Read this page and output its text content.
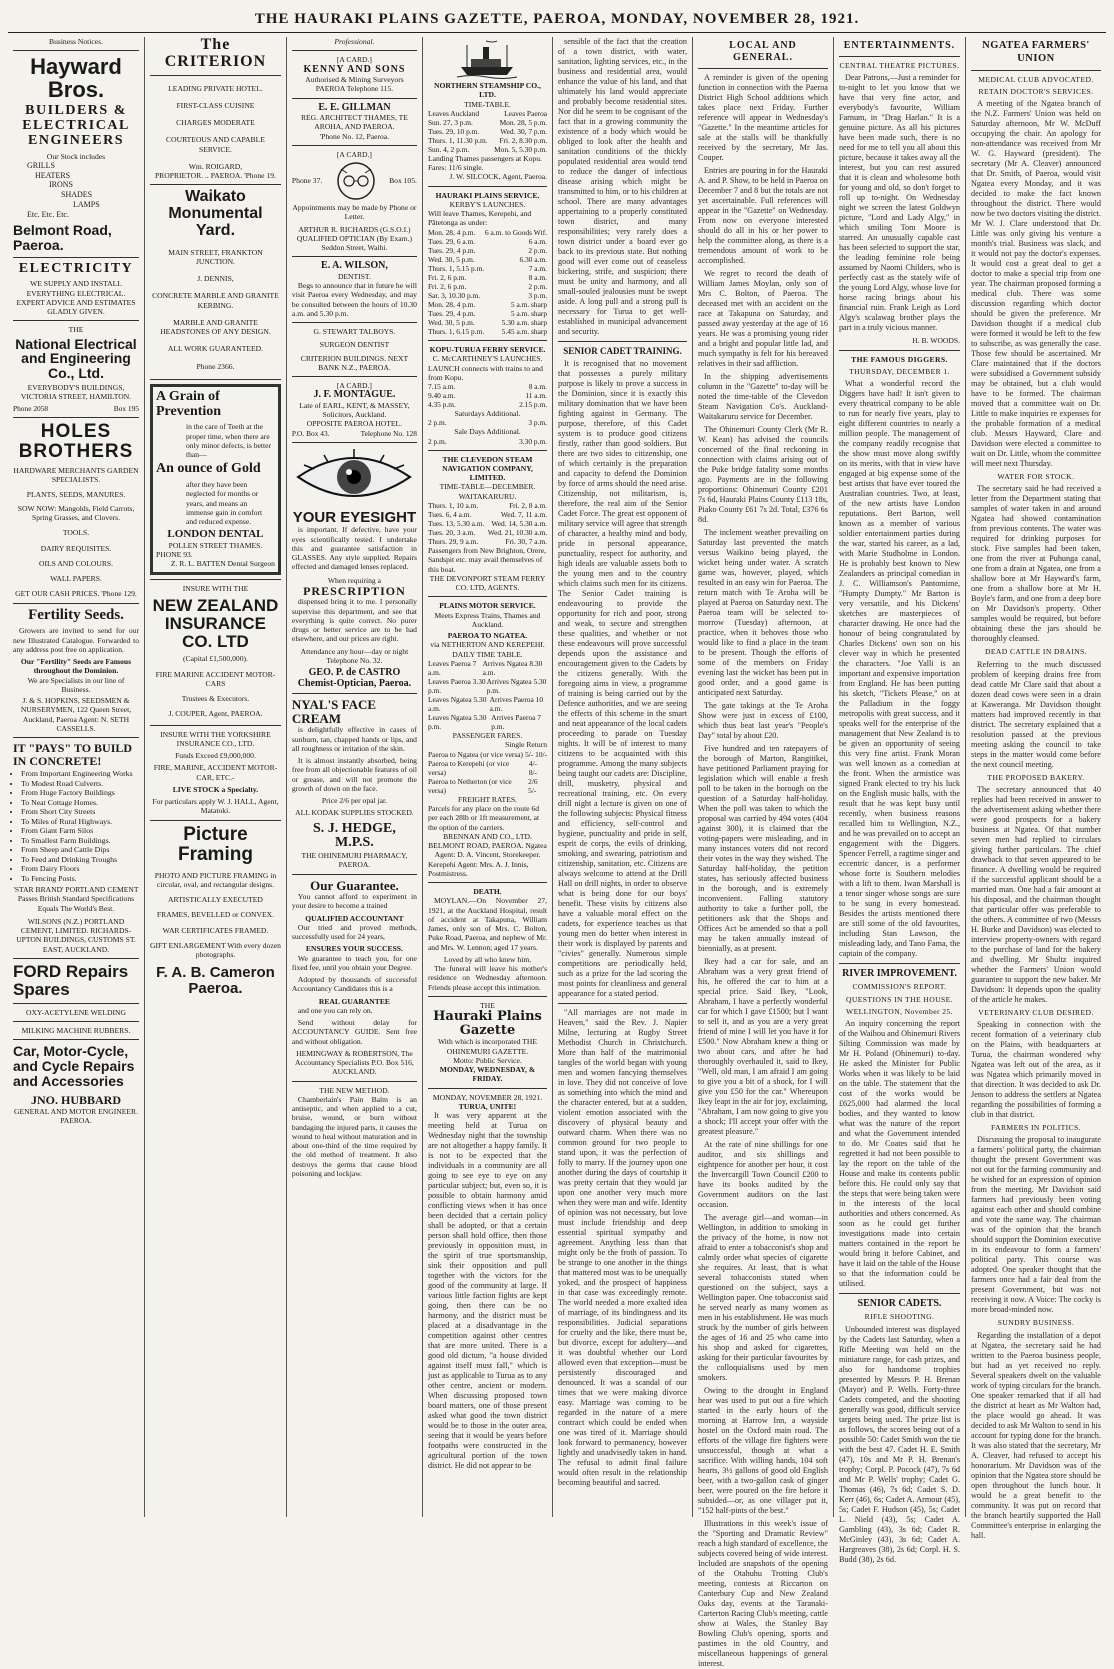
THE HAURAKI PLAINS GAZETTE, PAEROA, MONDAY, NOVEMBER 28, 1921.
Business Notices.
Hayward Bros.
BUILDERS & ELECTRICAL ENGINEERS
Our Stock includes
GRILLS
HEATERS
IRONS
SHADES
LAMPS
Etc. Etc. Etc.
Belmont Road, Paeroa.
ELECTRICITY
WE SUPPLY AND INSTALL EVERYTHING ELECTRICAL. EXPERT ADVICE AND ESTIMATES GLADLY GIVEN.
THE
National Electrical and Engineering Co., Ltd.
EVERYBODY'S BUILDINGS, VICTORIA STREET, HAMILTON.
Phone 2058	Box 195
HOLES BROTHERS
HARDWARE MERCHANTS GARDEN SPECIALISTS.
PLANTS, SEEDS, MANURES.
SOW NOW: Mangolds, Field Carrots, Spring Grasses, and Clovers.
TOOLS.
DAIRY REQUISITES.
OILS AND COLOURS.
WALL PAPERS.
GET OUR CASH PRICES. 'Phone 129.
Fertility Seeds.

Growers are invited to send for our new Illustrated Catalogue. Forwarded to any address post free on application.

Our "Fertility" Seeds are Famous throughout the Dominion.
We are Specialists in our line of Business.
J. & S. HOPKINS, SEEDSMEN & NURSERYMEN, 122 Queen Street, Auckland, Paeroa Agent: N. SETH CASSELLS.
IT "PAYS" TO BUILD IN CONCRETE!
• From Important Engineering Works
• To Modest Road Culverts.
• From Huge Factory Buildings
• To Neat Cottage Homes.
• From Short City Streets
• To Miles of Rural Highways.
• From Giant Farm Silos
• To Smallest Farm Buildings.
• From Sheep and Cattle Dips
• To Feed and Drinking Troughs
• From Dairy Floors
• To Fencing Posts.
'STAR BRAND' PORTLAND CEMENT Passes British Standard Specifications Equals The World's Best.
WILSONS (N.Z.) PORTLAND CEMENT, LIMITED. RICHARDS-UPTON BUILDINGS, CUSTOMS ST. EAST, AUCKLAND.
FORD Repairs Spares
OXY-ACETYLENE WELDING
MILKING MACHINE RUBBERS.
Car, Motor-Cycle, and Cycle Repairs and Accessories
JNO. HUBBARD
GENERAL AND MOTOR ENGINEER. PAEROA.
The CRITERION
LEADING PRIVATE HOTEL.
FIRST-CLASS CUISINE
CHARGES MODERATE
COURTEOUS AND CAPABLE SERVICE.
Wm. ROIGARD,
PROPRIETOR. .. PAEROA. 'Phone 19.
Waikato Monumental Yard.
MAIN STREET, FRANKTON JUNCTION.
J. DENNIS,
CONCRETE MARBLE AND GRANITE KERBING.
MARBLE AND GRANITE HEADSTONES OF ANY DESIGN.
ALL WORK GUARANTEED.
Phone 2366.
A Grain of Prevention
in the care of Teeth at the proper time, when there are only minor defects, is better than—
An ounce of Gold
after they have been neglected for months or years, and means an immense gain in comfort and reduced expense.
LONDON DENTAL
POLLEN STREET THAMES.
PHONE 93.
Z. R. L. BATTEN Dental Surgeon
INSURE WITH THE
NEW ZEALAND INSURANCE CO. LTD
(Capital £1,500,000).
FIRE MARINE ACCIDENT MOTOR-CARS
Trustees & Executors.
J. COUPER, Agent, PAEROA.
INSURE WITH THE YORKSHIRE INSURANCE CO., LTD.
Funds Exceed £9,000,000.
FIRE, MARINE, ACCIDENT MOTOR-CAR, ETC.-
LIVE STOCK a Specialty.
For particulars apply W. J. HALL, Agent, Matatoki.
Picture Framing
PHOTO AND PICTURE FRAMING in circular, oval, and rectangular designs.
ARTISTICALLY EXECUTED
FRAMES, BEVELLED or CONVEX.
WAR CERTIFICATES FRAMED.
GIFT ENLARGEMENT With every dozen photographs.
F. A. B. Cameron Paeroa.
Professional.
[A CARD.]
KENNY AND SONS
Authorised & Mining Surveyors PAEROA Telephone 115.
E. E. GILLMAN
REG. ARCHITECT THAMES, TE AROHA, AND PAEROA.
'Phone No. 12, Paeroa.
[A CARD.]
Phone 37.	Box 105.
Appointments may be made by Phone or Letter.
ARTHUR R. RICHARDS (G.S.O.I.) QUALIFIED OPTICIAN (By Exam.) Seddon Street, Waihi.
E. A. WILSON,
DENTIST.

Begs to announce that in future he will visit Paeroa every Wednesday, and may be consulted between the hours of 10.30 a.m. and 5.30 p.m.

G. STEWART TALBOYS.
SURGEON DENTIST
CRITERION BUILDINGS. NEXT BANK N.Z., PAEROA.
[A CARD.]
J. F. MONTAGUE.
Late of EARL, KENT, & MASSEY, Solicitors, Auckland.
OPPOSITE PAEROA HOTEL.
P.O. Box 43.	Telephone No. 128
YOUR EYESIGHT

is important. If defective, have your eyes scientifically tested. I undertake this and guarantee satisfaction in GLASSES. Any style supplied. Repairs effected and damaged lenses replaced.

When requiring a
PRESCRIPTION

dispensed bring it to me. I personally supervise this department, and see that everything is quite correct. No purer drugs or better service are to be had elsewhere, and our prices are right.

Attendance any hour—day or night Telephone No. 32.
GEO. P. de CASTRO Chemist-Optician, Paeroa.
NYAL'S FACE CREAM

is delightfully effective in cases of sunburn, tan, chapped hands or lips, and all roughness or irritation of the skin.

It is almost instantly absorbed, being free from all objectionable features of oil or grease, and will not promote the growth of down on the face.

Price 2/6 per opal jar.
ALL KODAK SUPPLIES STOCKED.
S. J. HEDGE, M.P.S.
THE OHINEMURI PHARMACY, PAEROA.
Our Guarantee.

You cannot afford to experiment in your desire to become a trained

QUALIFIED ACCOUNTANT

Our tried and proved methods, successfully used for 24 years,

ENSURES YOUR SUCCESS.

We guarantee to teach you, for one fixed fee, until you obtain your Degree.

Adopted by thousands of successful Accountancy Candidates this is a

REAL GUARANTEE

and one you can rely on.

Send without delay for ACCOUNTANCY GUIDE. Sent free and without obligation.

HEMINGWAY & ROBERTSON, The Accountancy Specialists P.O. Box 516, AUCKLAND.
THE NEW METHOD.

Chamberlain's Pain Balm is an antiseptic, and when applied to a cut, bruise, wound, or burn without bandaging the injured parts, it causes the wound to heal without maturation and in about one-third of the time required by the old method of treatment. It also destroys the germs that cause blood poisoning and lockjaw.

NORTHERN STEAMSHIP CO., LTD.
TIME-TABLE.
Leaves Auckland	Leaves Paeroa
Sun. 27, 3 p.m.	Mon. 28, 5 p.m.
Tues. 29, 10 p.m.	Wed. 30, 7 p.m.
Thurs. 1, 11.30 p.m. Fri. 2, 8.30 p.m.
Sun. 4, 2 p.m.	Mon. 5, 5.30 p.m.
Landing Thames passengers at Kopu. Fares: 11/6 single.
J. W. SILCOCK, Agent, Paeroa.
HAURAKI PLAINS SERVICE.
KERBY'S LAUNCHES.
Will leave Thames, Kerepehi, and Pātetonga as under:
Mon. 28, 4 p.m. 6 a.m. to Goods Wtf.
Tues. 29, 6 a.m.	6 a.m.
Tues. 29, 4 p.m.	2 p.m.
Wed. 30, 5 p.m.	6.30 a.m.
Thurs. 1, 5.15 p.m.	7 a.m.
Fri. 2, 6 p.m.	8 a.m.
Fri. 2, 6 p.m.	2 p.m.
Sat. 3, 10.30 p.m.	3 p.m.
Mon. 28, 4 p.m.	5 a.m. sharp
Tues. 29, 4 p.m.	5 a.m. sharp
Wed. 30, 5 p.m.	5.30 a.m. sharp
Thurs. 1, 6.15 p.m. 5.45 a.m. sharp
KOPU-TURUA FERRY SERVICE.
C. McCARTHNEY'S LAUNCHES.
LAUNCH connects with trains to and from Kopu.
7.15 a.m.	8 a.m.
9.40 a.m.	11 a.m.
4.35 p.m.	2.15 p.m.
Saturdays Additional.
2 p.m.	3 p.m.
Sale Days Additional.
2 p.m.	3.30 p.m.
THE CLEVEDON STEAM NAVIGATION COMPANY, LIMITED.
TIME-TABLE—DECEMBER.
WAITAKARURU.
Thurs. 1, 10 a.m.	Fri. 2, 8 a.m.
Tues. 6, 4 a.m.	Wed. 7, 11 a.m.
Tues. 13, 5.30 a.m. Wed. 14, 5.30 a.m.
Tues. 20, 3 a.m. Wed. 21, 10.30 a.m.
Thurs. 29, 9 a.m.	Fri. 30, 7 a.m.
Passengers from New Brighton, Orere, Sandspit etc. may avail themselves of this boat.
THE DEVONPORT STEAM FERRY CO. LTD, AGENTS.
PLAINS MOTOR SERVICE.
Meets Express Trains, Thames and Auckland.
PAEROA TO NGATEA.
via NETHERTON AND KEREPEHI.
DAILY TIME TABLE.
Leaves Paeroa 7 a.m.
Arrives Ngatea 8.30 a.m.
Leaves Paeroa 3.30 p.m.
Arrives Ngatea 5.30 p.m.
Leaves Ngatea 5.30 a.m.
Arrives Paeroa 10 a.m.
Leaves Ngatea 5.30 p.m.
Arrives Paeroa 7 p.m.
PASSENGER FARES.
Single Return
Paeroa to Ngatea (or vice versa) 5/- 10/-
Paeroa to Kerepehi (or vice versa)
4/- 8/-
Paeroa to Netherton (or vice versa)
2/6 5/-
FREIGHT RATES.
Parcels for any place on the route 6d per each 28lb or 1ft measurement, at the option of the carriers.
BRENNAN AND CO., LTD. BELMONT ROAD, PAEROA. Ngatea Agent: D. A. Vincent, Storekeeper.
Kerepehi Agent: Mrs. A. J. Innis, Postmistress.
DEATH.

MOYLAN.—On November 27, 1921, at the Auckland Hospital, result of accident at Takapuna, William James, only son of Mrs. C. Bolton, Puke Road, Paeroa, and nephew of Mr. and Mrs. W. Lennon; aged 17 years.

Loved by all who knew him.

The funeral will leave his mother's residence on Wednesday afternoon. Friends please accept this intimation.

THE
Hauraki Plains Gazette
With which is incorporated THE OHINEMURI GAZETTE.
Motto: Public Service.
MONDAY, WEDNESDAY, & FRIDAY.
MONDAY, NOVEMBER 28, 1921.
TURUA, UNITE!

It was very apparent at the meeting held at Turua on Wednesday night that the township are not altogether a happy family. It is not to be expected that the individuals in a community are all going to see eye to eye on any particular subject; but, even so, it is possible to obtain harmony amid conflicting views when it has once been decided that a certain policy shall be adopted, or that a certain person shall hold office, then those previously in opposition must, in the spirit of true sportsmanship, sink their opposition and pull together with the victors for the good of the community at large. If various little faction fights are kept going, then there can be no harmony, and the district must be placed at a disadvantage in the competition against other centres that are more united. There is a good old dictum, "a house divided against itself must fall," which is just as applicable to Turua as to any other centre, ancient or modern. When discussing proposed town board matters, one of those present asked what good the town district would be to those in the outer area, seeing that it would be years before footpaths were constructed in the agricultural portion of the town district. He did not appear to be

sensible of the fact that the creation of a town district, with water, sanitation, lighting services, etc., in the business and residential area, would enhance the value of his land, and that ultimately his land would appreciate and probably become residential sites. Nor did he seem to be cognisant of the fact that in a growing community the existence of a body which would be obliged to look after the health and sanitation conditions of the thickly populated residential area would tend to reduce the danger of infectious disease arising which might be transmitted to him, or to his children at school. There are many advantages appertaining to a properly constituted town district, and many responsibilities; very rarely does a town district under a board ever go back to its previous state. But nothing good will ever come out of ceaseless bickering, strife, and suspicion; there must be unity and harmony, and all small-souled jealousies must be swept aside. A long pull and a strong pull is necessary for Turua to get well-established in municipal advancement and security.

SENIOR CADET TRAINING.

It is recognised that no movement that possesses a purely military purpose is likely to prove a success in the Dominion, since it is exactly this military domination that we have been fighting against in Germany. The purpose, therefore, of this Cadet system is to produce good citizens firstly, rather than good soldiers. But there are two sides to citizenship, one of which certainly is the preparation and capacity to defend the Dominion by force of arms should the need arise. Citizenship, not militarism, is, therefore, the real aim of the Senior Cadet Force. The great est opponent of military service will agree that strength of character, a healthy mind and body, pride in personal appearance, punctuality, respect for authority, and high ideals are valuable assets both to the young men and to the country which claims such men for its citizens. The Senior Cadet training is endeavouring to provide the opportunity for rich and poor, strong and weak, to secure and strengthen these qualities, and whether or not these endeavours will prove successful depends upon the assistance and encouragement given to the Cadets by the citizens generally. With the foregoing aims in view, a programme of training is being carried out by the Defence authorities, and we are seeing the effects of this scheme in the smart and neat appearance of the local cadets proceeding to parade on Tuesday nights. It will be of interest to many citizens to be acquainted with this programme. Among the many subjects being taught our cadets are: Discipline, drill, musketry, physical and recreational training, etc. On every drill night a lecture is given on one of the following subjects: Physical fitness and efficiency, self-control and hygiene, punctuality and pride in self, esprit de corps, the evils of drinking, smoking, and swearing, patriotism and citizenship, sanitation, etc. Citizens are always welcome to attend at the Drill Hall on drill nights, in order to observe what is being done for our boys' benefit. These visits by citizens also have a valuable moral effect on the cadets, for experience teaches us that young men do better when interest in their work is displayed by parents and "civies" generally. Numerous simple competitions are periodically held, such as a prize for the lad scoring the most points for cleanliness and general appearance for a stated period.

"All marriages are not made in Heaven," said the Rev. J. Napier Milne, lecturing at Rugby Street Methodist Church in Christchurch. More than half of the matrimonial tangles of the world began with young men and women fancying themselves in love. They did not conceive of love as something into which the mind and the character entered, but at a sudden, violent emotion associated with the discovery of physical beauty and outward charm. When there was no common ground for two people to stand upon, it was the perfection of folly to marry. If the journey upon one another during the days of courtship it was pretty certain that they would jar upon one another very much more when they were man and wife. Identity of opinion was not necessary, but love must include friendship and deep essential spiritual sympathy and agreement. Anything less than that might only be the froth of passion. To be strange to one another in the things that mattered most was to be unequally yoked, and the prospect of happiness in that case was exceedingly remote. The world needed a more exalted idea of marriage, of its bindingness and its responsibilities. Judicial separations for cruelty and the like, there must be, but divorce, except for adultery—and it was doubtful whether our Lord allowed even that exception—must be persistently discouraged and denounced. It was a scandal of our times that we were making divorce easy. Marriage was coming to be regarded in the nature of a mere contract which could be ended when one was tired of it. Marriage should look forward to permanency, however lightly and unadvisedly taken in hand. The refusal to admit final failure would often result in the relationship becoming beautiful and sacred.

LOCAL AND GENERAL.

A reminder is given of the opening function in connection with the Paeroa District High School additions which takes place next Friday. Further reference will appear in Wednesday's "Gazette." In the meantime articles for sale at the stalls will be thankfully received by the secretary, Mr Jas. Couper.

Entries are pouring in for the Hauraki A. and P. Show, to be held in Paeroa on December 7 and 8 but the totals are not yet ascertainable. Full references will appear in the "Gazette" on Wednesday. From now on everyone interested should do all in his or her power to help the committee along, as there is a tremendous amount of work to be accomplished.

We regret to record the death of William James Moylan, only son of Mrs C. Bolton, of Paeroa. The deceased met with an accident on the race at Takapuna on Saturday, and passed away yesterday at the age of 16 years. He was a promising young rider and a bright and popular little lad, and much sympathy is felt for his bereaved relatives in their sad affliction.

In the shipping advertisements column in the "Gazette" to-day will be noted the time-table of the Clevedon Steam Navigation Co's. Auckland-Waitakaruru service for December.

The Ohinemuri County Clerk (Mr R. W. Kean) has advised the councils concerned of the final reckoning in connection with claims arising out of the Puke bridge fatality some months ago. Payments are in the following proportions: Ohinemuri County £201 7s 6d, Hauraki Plains County £113 18s, Piako County £61 7s 2d. Total, £376 6s 8d.

The inclement weather prevailing on Saturday last prevented the match versus Waikino being played, the wicket being under water. A scratch game was, however, played, which resulted in an easy win for Paeroa. The return match with Te Aroha will be played at Paeroa on Saturday next. The Paeroa team will be selected to-morrow (Tuesday) afternoon, at practice, when it behoves those who would like to find a place in the team to be present. Though the efforts of some of the members on Friday evening last the wicket has been put in good order, and a good game is anticipated next Saturday.

The gate takings at the Te Aroha Show were just in excess of £100, which thus beat last year's "People's Day" total by about £20.

Five hundred and ten ratepayers of the borough of Marton, Rangitikei, have petitioned Parliament praying for legislation which will enable a fresh poll to be taken in the borough on the question of a Saturday half-holiday. When the poll was taken to which the proposal was carried by 494 votes (404 against 300), it is claimed that the voting-papers were misleading, and in many instances voters did not record their votes in the way they wished. The Saturday half-holiday, the petition states, has seriously affected business in the borough, and is extremely inconvenient. Falling statutory authority to take a further poll, the petitioners ask that the Shops and Offices Act be amended so that a poll may be taken annually instead of biennially, as at present.

Ikey had a car for sale, and an Abraham was a very great friend of his, he offered the car to him at a special price. Said Ikey, "Look, Abraham, I have a perfectly wonderful car for which I gave £1500; but I want to sell it, and as you are a very great friend of mine I will let you have it for £500." Now Abraham knew a thing or two about cars, and after he had thoroughly overhauled it, said to Ikey, "Well, old man, I am afraid I am going to give you a bit of a shock, for I will give you £50 for the car." Whereupon Ikey leapt in the air for joy, exclaiming, "Abraham, I am now going to give you a shock; I'll accept your offer with the greatest pleasure."

At the rate of nine shillings for one auditor, and six shillings and eightpence for another per hour, it cost the Invercargill Town Council £200 to have its books audited by the Government auditors on the last occasion.

The average girl—and woman—in Wellington, in addition to smoking in the privacy of the home, is now not afraid to enter a tobacconist's shop and calmly order what species of cigarette she requires. At least, that is what several tobacconists stated when questioned on the subject, says a Wellington paper. One tobacconist said he served nearly as many women as men in his establishment. He was much struck by the number of girls between the ages of 16 and 25 who came into his shop and asked for cigarettes, asking for their particular favourites by the colloquialisms used by men smokers.

Owing to the drought in England hear was used to put out a fire which started in the early hours of the morning at Harrow Inn, a wayside hostel on the Oxford main road. The efforts of the village fire fighters were unsuccessful, though at what a sacrifice. With willing hands, 104 soft hearts, 3½ gallons of good old English beer, with a two-gallon cask of ginger beer, were poured on the fire before it subsided—or, as one villager put it, "152 half-pints of the best."

Illustrations in this week's issue of the "Sporting and Dramatic Review" reach a high standard of excellence, the subjects covered being of wide interest. Included are snapshots of the opening of the Otahuhu Trotting Club's meeting, contests at Riccarton on Canterbury Cup and New Zealand Oaks day, events at the Taranaki-Carterton Racing Club's meeting, cattle show at Wales, the Stanley Bay Bowling Club's opening, sports and pastimes in the old Country, and miscellaneous happenings of general interest.

ENTERTAINMENTS.
CENTRAL THEATRE PICTURES.

Dear Patrons,—Just a reminder for to-night to let you know that we have that very fine actor, and everybody's favourite, William Farnum, in "Drag Harlan." It is a genuine picture. As all his pictures have been made such, there is no need for me to tell you all about this picture, because it takes away all the interest, but you can rest assured that it is clean and wholesome both for young and old, so don't forget to roll up to-night. On Wednesday night we screen the latest Goldwyn picture, "Lord and Lady Algy," in which smiling Tom Moore is starred. An unusually capable cast has been selected to support the star, the leading feminine role being assumed by Naomi Childers, who is perfectly cast as the stately wife of the young Lord Algy, whose love for horse racing brings about his financial ruin. Frank Leigh as Lord Algy's scalawag brother plays the part in a truly vicious manner.

H. B. WOODS.
THE FAMOUS DIGGERS.
THURSDAY, DECEMBER 1.

What a wonderful record the Diggers have had! It isn't given to every theatrical company to be able to run for nearly five years, play to eight different countries to nearly a million people. The management of the company readily recognise that the show must move along swiftly on its merits, with that in view have engaged at big expense some of the best artists that have ever toured the Australian countries. Two, at least, of the new artists have London reputations. Bert Barton, well known as a member of various soldier entertainment parties during the war, started his career, as a lad, with Marie Studholme in London. He is probably best known to New Zealanders as principal comedian in J. C. Williamson's Pantomime, "Humpty Dumpty." Mr Barton is very versatile, and his Dickens' sketches are masterpieces of character drawing. He once had the honour of being congratulated by Charles Dickens' own son on his clever way in which he presented the characters. "Joe Yalli is an important and expensive importation from England. He has been putting his sketch, "Tickets Please," on at the Palladium in the foggy metropolis with great success, and it speaks well for the enterprise of the management that New Zealand is to be given an opportunity of seeing this very fine artist. Frank Moran was well known as a comedian at the front. When the armistice was signed Frank elected to try his luck on the English music halls, with the result that he was kept busy until recently, when business reasons recalled him to Wellington, N.Z., and he was prevailed on to accept an engagement with the Diggers. Spencer Ferrell, a ragtime singer and eccentric dancer, is a performer whose forte is Southern melodies with a lift to them. Iwan Marshall is a tenor singer whose songs are sure to be sung in every homestead. Besides the artists mentioned there are still some of the old favourites, including Stan Lawson, the misleading lady, and Tano Fama, the captain of the company.

RIVER IMPROVEMENT.
COMMISSION'S REPORT.
QUESTIONS IN THE HOUSE.
WELLINGTON, November 25.

An inquiry concerning the report of the Waihou and Ohinemuri Rivers Silting Commission was made by Mr H. Poland (Ohinemuri) to-day. He asked the Minister for Public Works when it was likely to be laid on the table. The statement that the cost of the works would be £625,000 had alarmed the local bodies, and they wanted to know what was the nature of the report and what the Government intended to do. Mr Coates said that he regretted it had not been possible to lay the report on the table of the House and make its contents public before this. He could only say that the steps that were being taken were in the interests of the local authorities and others concerned. As soon as he could get further investigations made into certain matters contained in the report he would bring it before Cabinet, and have it laid on the table of the House so that the information could be utilised.

SENIOR CADETS.
RIFLE SHOOTING.

Unbounded interest was displayed by the Cadets last Saturday, when a Rifle Meeting was held on the miniature range, for cash prizes, and also for handsome trophies presented by Messrs P. H. Brenan (Mayor) and P. Wells. Forty-three Cadets competed, and the shooting generally was good, difficult service targets being used. The prize list is as follows, the scores being out of a possible 50: Cadet Smith won the tie with the best 47. Cadet H. E. Smith (47), 10s and Mr P. H. Brenan's trophy; Corpl. P. Pocock (47), 7s 6d and Mr P. Wells' trophy; Cadet G. Thomas (46), 7s 6d; Cadet S. D. Kerr (46), 6s; Cadet A. Armour (45), 5s; Cadet F. Hudson (45), 5s; Cadet L. Nield (43), 5s; Cadet A. Gambling (43), 3s 6d; Cadet R. McGinley (43), 3s 6d; Cadet A. Hargreaves (38), 2s 6d; Corpl. H. S. Budd (38), 2s 6d.

NGATEA FARMERS' UNION
MEDICAL CLUB ADVOCATED.
RETAIN DOCTOR'S SERVICES.

A meeting of the Ngatea branch of the N.Z. Farmers' Union was held on Saturday afternoon, Mr W. McDuff occupying the chair. An apology for non-attendance was received from Mr W. G. Hayward (president). The secretary (Mr A. Cleaver) announced that Dr. Smith, of Paeroa, would visit Ngatea every Monday, and it was decided to make the fact known throughout the district. There would now be two doctors visiting the district. Mr W. J. Clare understood that Dr. Little was only giving his venture a month's trial. Business was slack, and it would not pay the doctor's expenses. It would cost a great deal to get a doctor to make a special trip from one year. The chairman proposed forming a medical club. There was some discussion regarding which doctor should be given the preference. Mr Davidson thought if a medical club were formed it would be left to the few to subscribe, as was generally the case. Those few should be ascertained. Mr Clare maintained that if the doctors were subsidised a Government subsidy may be obtained, but a club would have to be formed. The chairman moved that a committee wait on Dr. Little to make inquiries re expenses for the probable formation of a medical club. Messrs Hayward, Clare and Davidson were elected a committee to wait on Dr. Little, whom the committee will meet next Thursday.

WATER FOR STOCK.

The secretary said he had received a letter from the Department stating that samples of water taken in and around Ngatea had showed contamination from previous contents. The water was required for drinking purposes for stock. Five samples had been taken, one from the river at Puhunga canal, one from a drain at Ngatea, one from a shallow bore at Mr Hayward's farm, one from a shallow bore at Mr H. Boyle's farm, and one from a deep bore on Mr Davidson's property. Other samples would be required, but before obtaining these the jars should be thoroughly cleansed.

DEAD CATTLE IN DRAINS.

Referring to the much discussed problem of keeping drains free from dead cattle Mr Clare said that about a dozen dead cows were seen in a drain at Kaweranga. Mr Davidson thought matters had improved recently in that district. The secretary explained that a resolution passed at the previous meeting asking the council to take steps in the matter would come before the next council meeting.

THE PROPOSED BAKERY.

The secretary announced that 40 replies had been received in answer to the advertisement asking whether there were good prospects for a bakery business at Ngatea. Of that number seven men had replied to circulars giving further particulars. The chief drawback to that seven appeared to be finance. A dwelling would be required if the successful applicant should be a married man. One had a fair amount at his disposal, and the chairman thought that particular offer was preferable to the others. A committee of two (Messrs H. Burke and Davidson) was elected to interview property-owners with regard to the purchase of land for the bakery and dwelling. Mr Shultz inquired whether the Farmers' Union would guarantee to support the new baker. Mr Davidson: It depends upon the quality of the article he makes.

VETERINARY CLUB DESIRED.

Speaking in connection with the recent formation of a veterinary club on the Plains, with headquarters at Turua, the chairman wondered why Ngatea was left out of the area, as it was Ngatea which primarily moved in that direction. It was decided to ask Dr. Jenson to address the settlers at Ngatea regarding the possibilities of forming a club in that district.

FARMERS IN POLITICS.

Discussing the proposal to inaugurate a farmers' political party, the chairman thought the present Government was not out for the farming community and he wished for an expression of opinion from the meeting. Mr Davidson said farmers had previously been voting against each other and should combine and vote the same way. The chairman was of the opinion that the branch should support the Dominion executive in its endeavour to form a farmers' political party. This course was adopted. One speaker thought that the farmers once had a fair deal from the present Government, but was not receiving it now. A Voice: The cocky is more broad-minded now.

SUNDRY BUSINESS.

Regarding the installation of a depot at Ngatea, the secretary said he had written to the Paeroa business people, but had as yet received no reply. Several speakers dwelt on the valuable work of typing circulars for the branch. One speaker remarked that if all had the district at heart as Mr Walton had, the place would go ahead. It was decided to ask Mr Walton to send in his account for typing done for the branch. It was also stated that the secretary, Mr A. Cleaver, had refused to accept his honorarium. Mr Davidson was of the opinion that the Ngatea store should be open throughout the lunch hour. It would be a great benefit to the community. It was put on record that the branch heartily supported the Hall Committee's enterprise in enlarging the hall.
